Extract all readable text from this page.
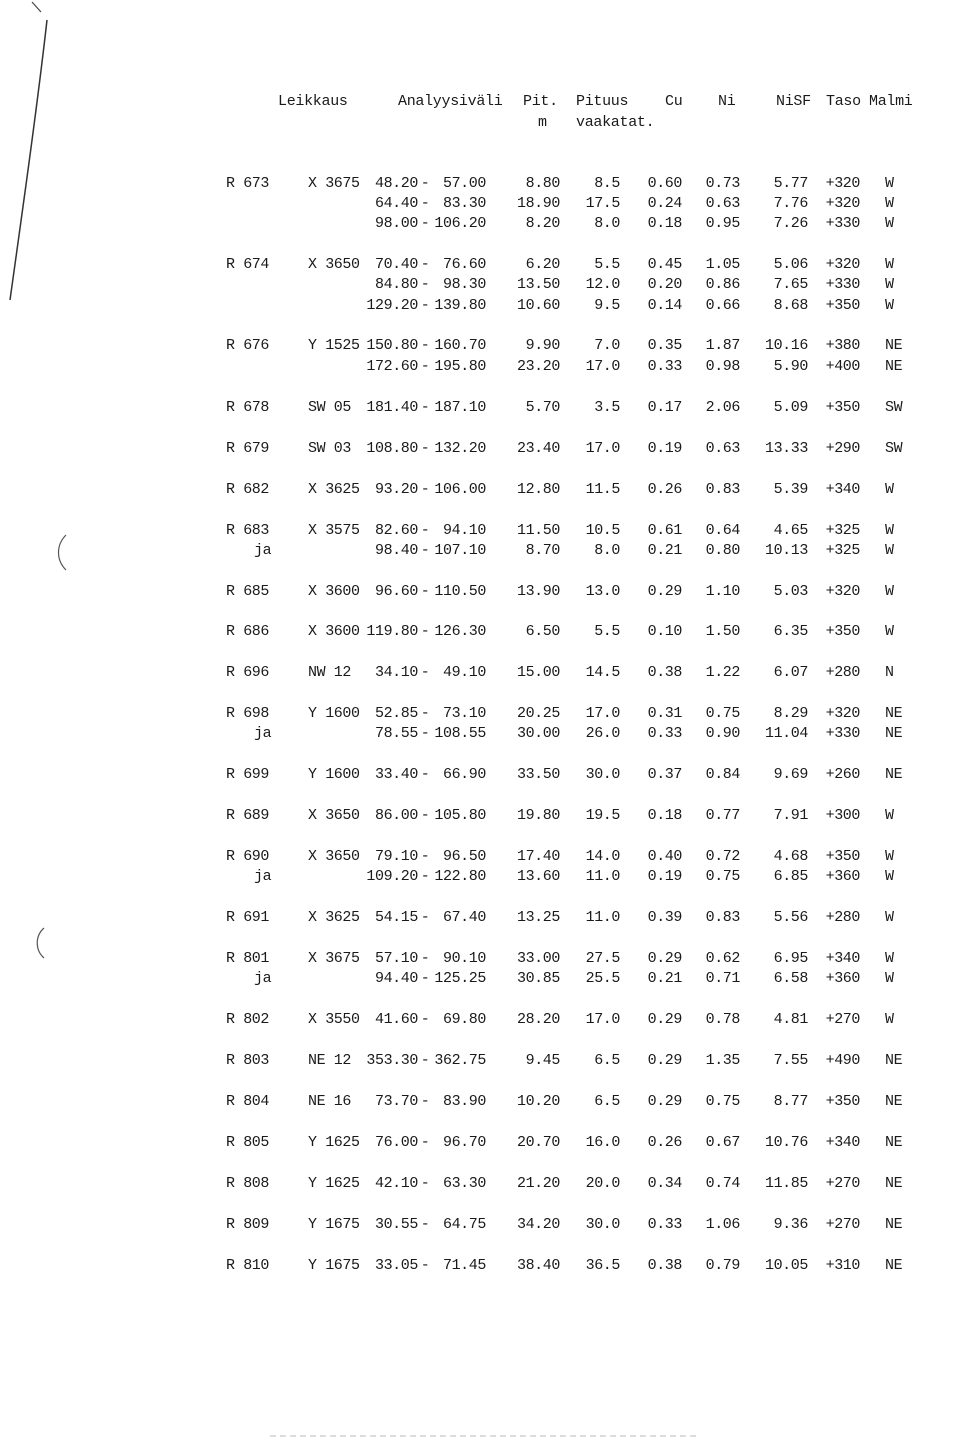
Leikkaus	Analyysiväli Pit.
m
Pituus
vaakatat.
Cu Ni	NiSF Taso Malmi
R 673	X 3675	48.20 - 57.00	8.80	8.5	0.60	0.73	5.77	+320 W
64.40 - 83.30	18.90	17.5	0.24	0.63	7.76	+320 W
98.00 - 106.20	8.20	8.0	0.18	0.95	7.26	+330 W
R 674	X 3650	70.40 - 76.60	6.20	5.5	0.45	1.05	5.06	+320 W
84.80 - 98.30	13.50	12.0	0.20	0.86	7.65	+330 W
129.20 - 139.80	10.60	9.5	0.14	0.66	8.68	+350 W
R 676	Y 1525 150.80 - 160.70	9.90	7.0	0.35	1.87	10.16	+380 NE
172.60 - 195.80	23.20	17.0	0.33	0.98	5.90	+400 NE
R 678	SW 05	181.40 - 187.10	5.70	3.5	0.17	2.06	5.09	+350 SW
R 679	SW 03	108.80 - 132.20	23.40	17.0	0.19	0.63	13.33	+290 SW
R 682	X 3625	93.20 - 106.00	12.80	11.5	0.26	0.83	5.39	+340 W
R 683	X 3575	82.60 - 94.10	11.50	10.5	0.61	0.64	4.65	+325 W
ja	98.40 - 107.10	8.70	8.0	0.21	0.80	10.13	+325 W
R 685	X 3600	96.60 - 110.50	13.90	13.0	0.29	1.10	5.03	+320 W
R 686	X 3600 119.80 - 126.30	6.50	5.5	0.10	1.50	6.35	+350 W
R 696	NW 12	34.10 - 49.10	15.00	14.5	0.38	1.22	6.07	+280 N
R 698	Y 1600	52.85 - 73.10	20.25	17.0	0.31	0.75	8.29	+320 NE
ja	78.55 - 108.55	30.00	26.0	0.33	0.90	11.04	+330 NE
R 699	Y 1600	33.40 - 66.90	33.50	30.0	0.37	0.84	9.69	+260 NE
R 689	X 3650	86.00 - 105.80	19.80	19.5	0.18	0.77	7.91	+300 W
R 690	X 3650	79.10 - 96.50	17.40	14.0	0.40	0.72	4.68	+350 W
ja	109.20 - 122.80	13.60	11.0	0.19	0.75	6.85	+360 W
R 691	X 3625	54.15 - 67.40	13.25	11.0	0.39	0.83	5.56	+280 W
R 801	X 3675	57.10 - 90.10	33.00	27.5	0.29	0.62	6.95	+340 W
ja	94.40 - 125.25	30.85	25.5	0.21	0.71	6.58	+360 W
R 802	X 3550	41.60 - 69.80	28.20	17.0	0.29	0.78	4.81	+270 W
R 803	NE 12	353.30 - 362.75	9.45	6.5	0.29	1.35	7.55	+490 NE
R 804	NE 16	73.70 - 83.90	10.20	6.5	0.29	0.75	8.77	+350 NE
R 805	Y 1625	76.00 - 96.70	20.70	16.0	0.26	0.67	10.76	+340 NE
R 808	Y 1625	42.10 - 63.30	21.20	20.0	0.34	0.74	11.85	+270 NE
R 809	Y 1675	30.55 - 64.75	34.20	30.0	0.33	1.06	9.36	+270 NE
R 810	Y 1675	33.05 - 71.45	38.40	36.5	0.38	0.79	10.05	+310 NE
